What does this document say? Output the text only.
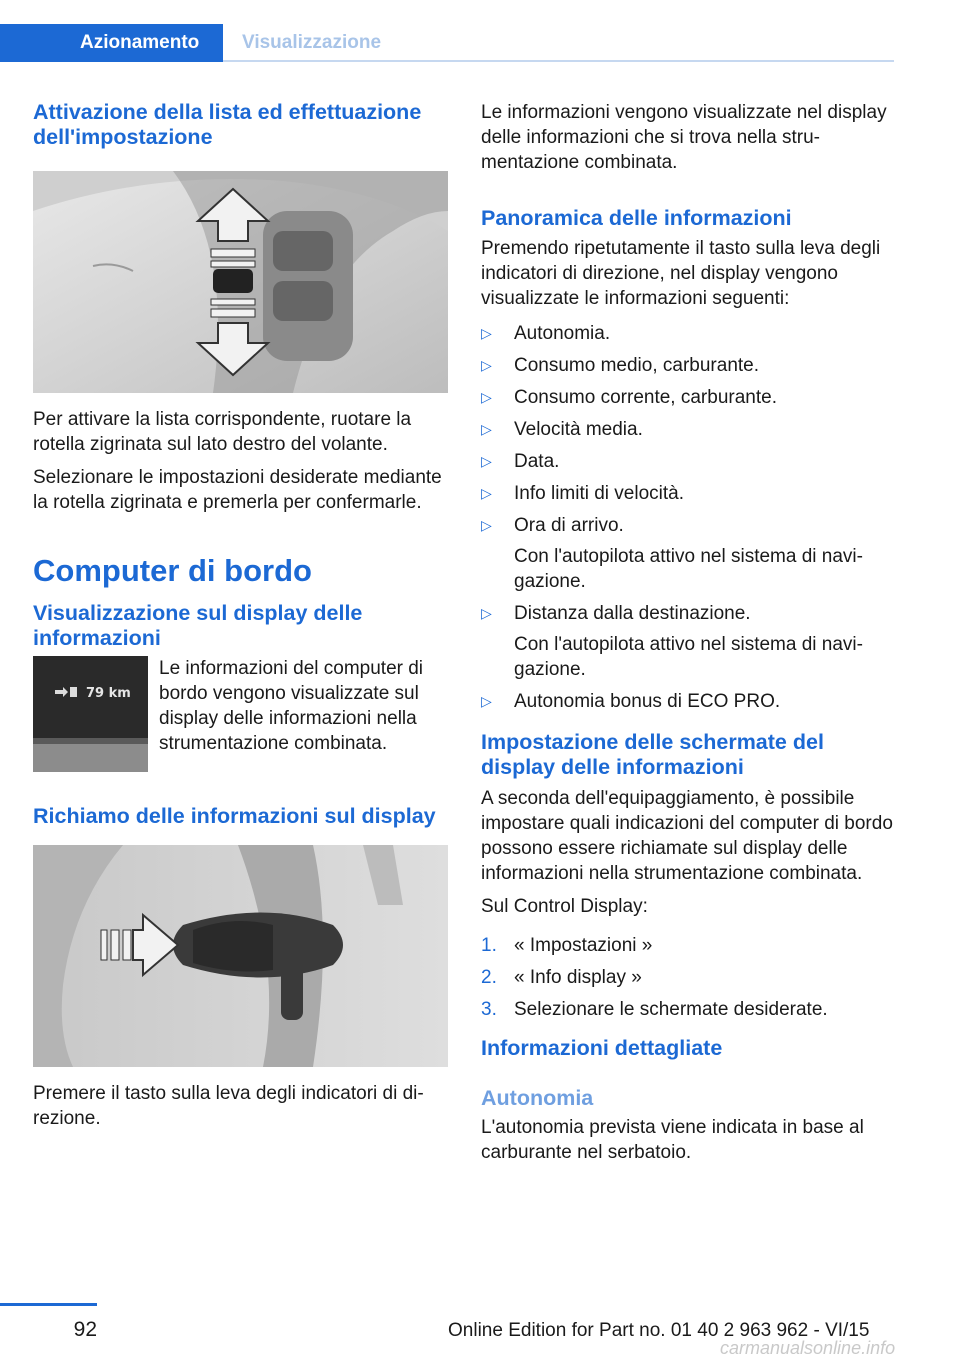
Azionamento	Visualizzazione
Attivazione della lista ed effettuazione dell'impostazione

Per attivare la lista corrispondente, ruotare la rotella zigrinata sul lato destro del volante.

Selezionare le impostazioni desiderate mediante la rotella zigrinata e premerla per confermarle.

Computer di bordo
Visualizzazione sul display delle informazioni
79 km

Le informazioni del computer di bordo vengono visualizzate sul display delle informazioni nella strumentazione combinata.

Richiamo delle informazioni sul display

Premere il tasto sulla leva degli indicatori di direzione.

Le informazioni vengono visualizzate nel display delle informazioni che si trova nella strumentazione combinata.

Panoramica delle informazioni

Premendo ripetutamente il tasto sulla leva degli indicatori di direzione, nel display vengono visualizzate le informazioni seguenti:

▷ Autonomia.
▷ Consumo medio, carburante.
▷ Consumo corrente, carburante.
▷ Velocità media.
▷ Data.
▷ Info limiti di velocità.
▷ Ora di arrivo.
Con l'autopilota attivo nel sistema di navigazione.
▷ Distanza dalla destinazione.
Con l'autopilota attivo nel sistema di navigazione.
▷ Autonomia bonus di ECO PRO.
Impostazione delle schermate del display delle informazioni

A seconda dell'equipaggiamento, è possibile impostare quali indicazioni del computer di bordo possono essere richiamate sul display delle informazioni nella strumentazione combinata.

Sul Control Display:

1. « Impostazioni »
2. « Info display »
3. Selezionare le schermate desiderate.
Informazioni dettagliate
Autonomia

L'autonomia prevista viene indicata in base al carburante nel serbatoio.

92	Online Edition for Part no. 01 40 2 963 962 - VI/15
carmanualsonline.info
